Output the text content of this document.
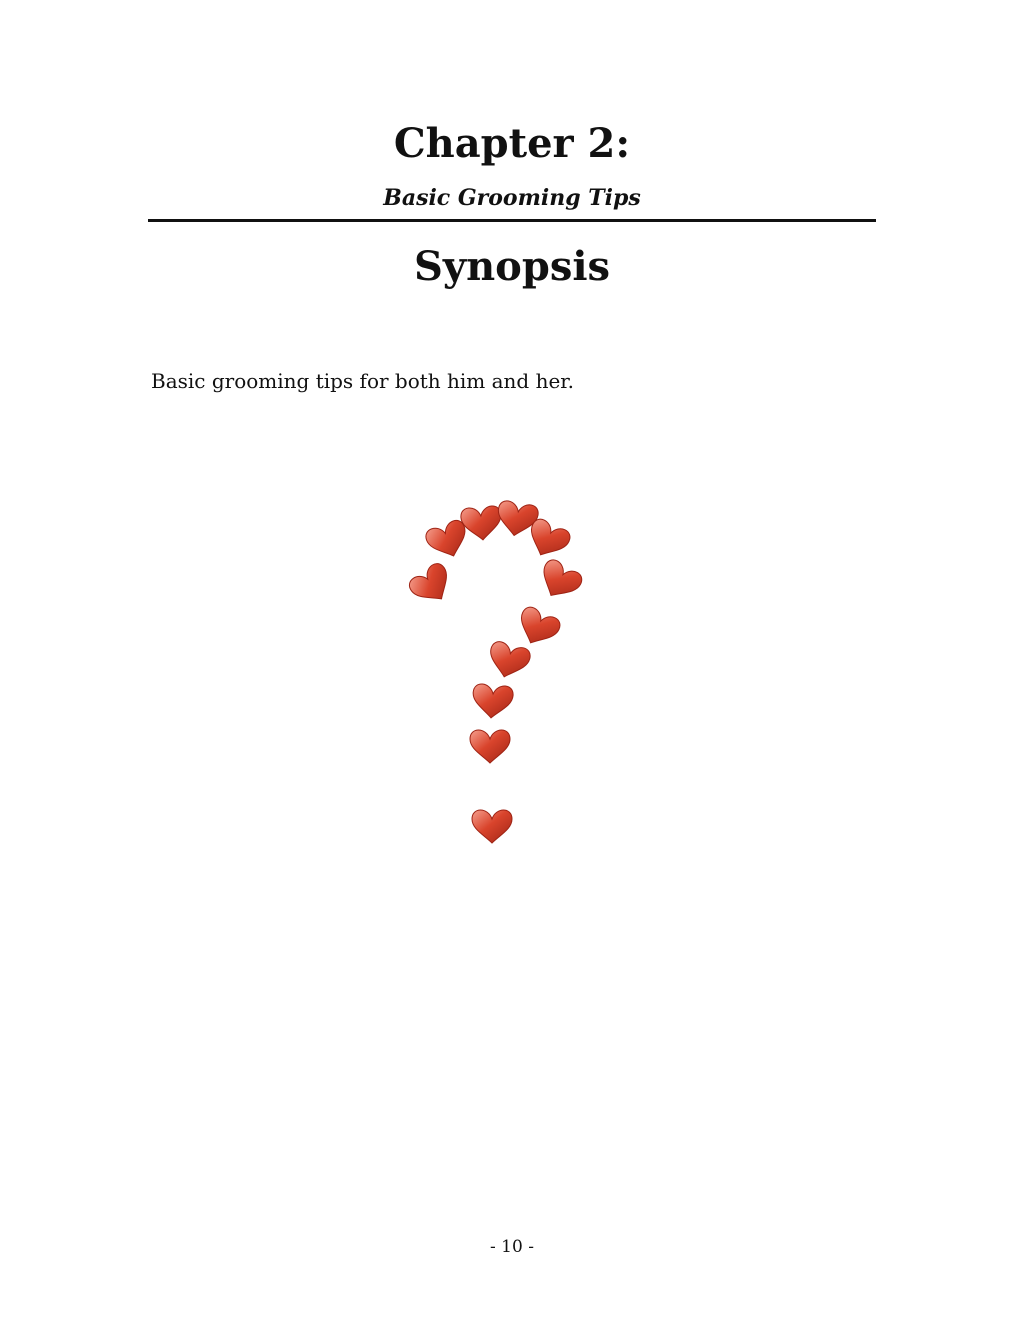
Chapter 2:
Basic Grooming Tips
Synopsis
Basic grooming tips for both him and her.
- 10 -
